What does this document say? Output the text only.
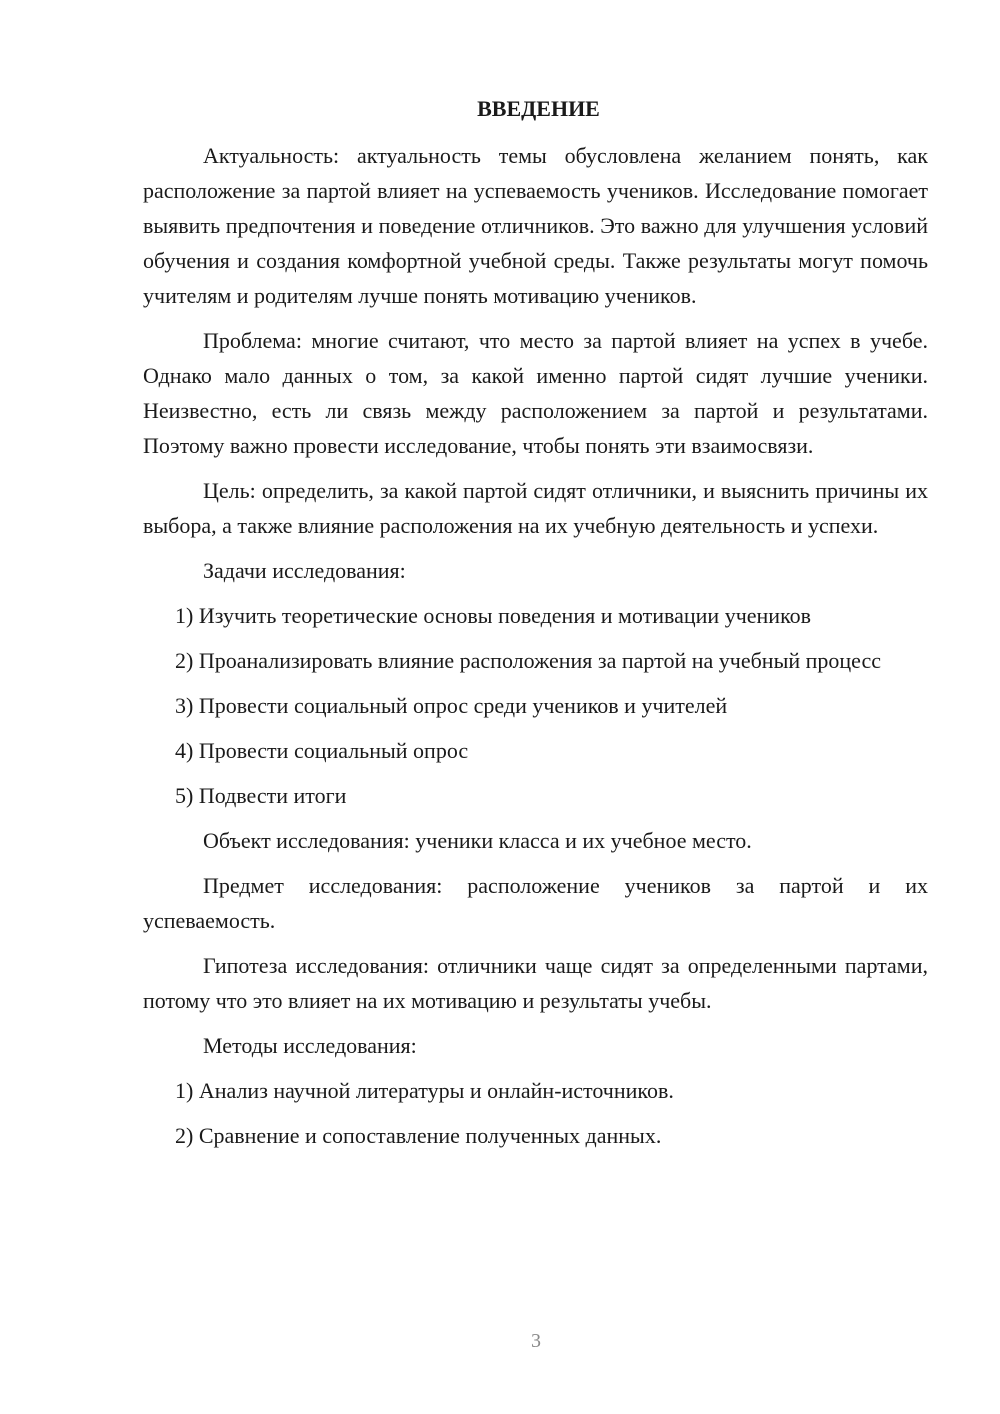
ВВЕДЕНИЕ

Актуальность: актуальность темы обусловлена желанием понять, как расположение за партой влияет на успеваемость учеников. Исследование помогает выявить предпочтения и поведение отличников. Это важно для улучшения условий обучения и создания комфортной учебной среды. Также результаты могут помочь учителям и родителям лучше понять мотивацию учеников.

Проблема: многие считают, что место за партой влияет на успех в учебе. Однако мало данных о том, за какой именно партой сидят лучшие ученики. Неизвестно, есть ли связь между расположением за партой и результатами. Поэтому важно провести исследование, чтобы понять эти взаимосвязи.

Цель: определить, за какой партой сидят отличники, и выяснить причины их выбора, а также влияние расположения на их учебную деятельность и успехи.

Задачи исследования:

1) Изучить теоретические основы поведения и мотивации учеников

2) Проанализировать влияние расположения за партой на учебный процесс

3) Провести социальный опрос среди учеников и учителей

4) Провести социальный опрос

5) Подвести итоги

Объект исследования: ученики класса и их учебное место.

Предмет исследования: расположение учеников за партой и их успеваемость.

Гипотеза исследования: отличники чаще сидят за определенными партами, потому что это влияет на их мотивацию и результаты учебы.

Методы исследования:

1) Анализ научной литературы и онлайн-источников.

2) Сравнение и сопоставление полученных данных.

3
